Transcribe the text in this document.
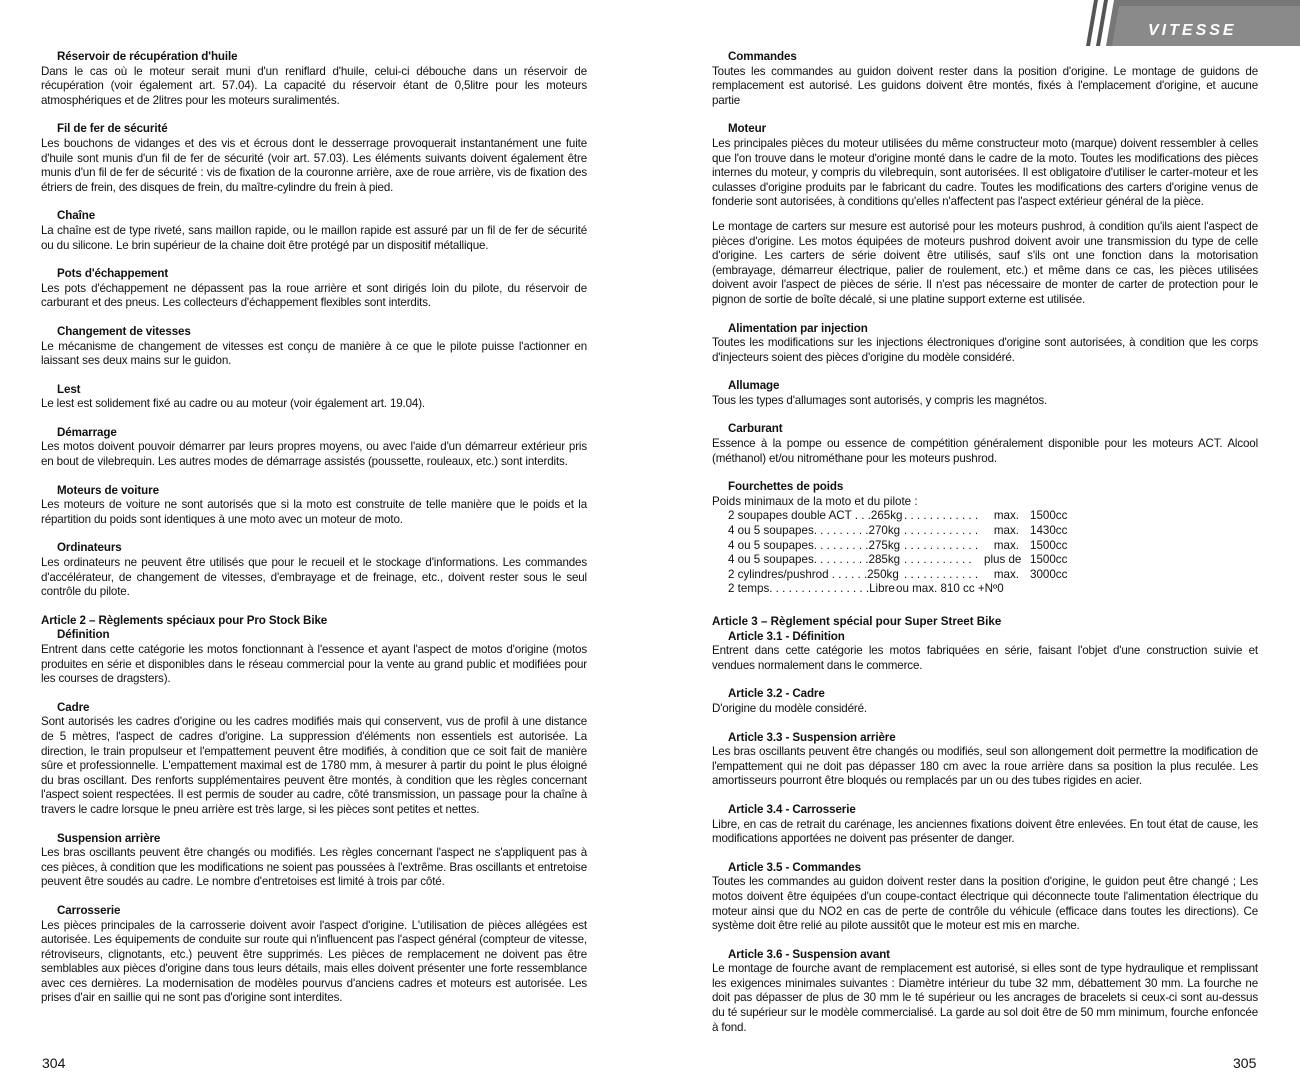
VITESSE
Réservoir de récupération d'huile
Dans le cas où le moteur serait muni d'un reniflard d'huile, celui-ci débouche dans un réservoir de récupération (voir également art. 57.04). La capacité du réservoir étant de 0,5litre pour les moteurs atmosphériques et de 2litres pour les moteurs suralimentés.
Fil de fer de sécurité
Les bouchons de vidanges et des vis et écrous dont le desserrage provoquerait instantanément une fuite d'huile sont munis d'un fil de fer de sécurité (voir art. 57.03). Les éléments suivants doivent également être munis d'un fil de fer de sécurité : vis de fixation de la couronne arrière, axe de roue arrière, vis de fixation des étriers de frein, des disques de frein, du maître-cylindre du frein à pied.
Chaîne
La chaîne est de type riveté, sans maillon rapide, ou le maillon rapide est assuré par un fil de fer de sécurité ou du silicone. Le brin supérieur de la chaine doit être protégé par un dispositif métallique.
Pots d'échappement
Les pots d'échappement ne dépassent pas la roue arrière et sont dirigés loin du pilote, du réservoir de carburant et des pneus. Les collecteurs d'échappement flexibles sont interdits.
Changement de vitesses
Le mécanisme de changement de vitesses est conçu de manière à ce que le pilote puisse l'actionner en laissant ses deux mains sur le guidon.
Lest
Le lest est solidement fixé au cadre ou au moteur (voir également art. 19.04).
Démarrage
Les motos doivent pouvoir démarrer par leurs propres moyens, ou avec l'aide d'un démarreur extérieur pris en bout de vilebrequin. Les autres modes de démarrage assistés (poussette, rouleaux, etc.) sont interdits.
Moteurs de voiture
Les moteurs de voiture ne sont autorisés que si la moto est construite de telle manière que le poids et la répartition du poids sont identiques à une moto avec un moteur de moto.
Ordinateurs
Les ordinateurs ne peuvent être utilisés que pour le recueil et le stockage d'informations. Les commandes d'accélérateur, de changement de vitesses, d'embrayage et de freinage, etc., doivent rester sous le seul contrôle du pilote.
Article 2 – Règlements spéciaux pour Pro Stock Bike
Définition
Entrent dans cette catégorie les motos fonctionnant à l'essence et ayant l'aspect de motos d'origine (motos produites en série et disponibles dans le réseau commercial pour la vente au grand public et modifiées pour les courses de dragsters).
Cadre
Sont autorisés les cadres d'origine ou les cadres modifiés mais qui conservent, vus de profil à une distance de 5 mètres, l'aspect de cadres d'origine. La suppression d'éléments non essentiels est autorisée. La direction, le train propulseur et l'empattement peuvent être modifiés, à condition que ce soit fait de manière sûre et professionnelle. L'empattement maximal est de 1780 mm, à mesurer à partir du point le plus éloigné du bras oscillant. Des renforts supplémentaires peuvent être montés, à condition que les règles concernant l'aspect soient respectées. Il est permis de souder au cadre, côté transmission, un passage pour la chaîne à travers le cadre lorsque le pneu arrière est très large, si les pièces sont petites et nettes.
Suspension arrière
Les bras oscillants peuvent être changés ou modifiés. Les règles concernant l'aspect ne s'appliquent pas à ces pièces, à condition que les modifications ne soient pas poussées à l'extrême. Bras oscillants et entretoise peuvent être soudés au cadre. Le nombre d'entretoises est limité à trois par côté.
Carrosserie
Les pièces principales de la carrosserie doivent avoir l'aspect d'origine. L'utilisation de pièces allégées est autorisée. Les équipements de conduite sur route qui n'influencent pas l'aspect général (compteur de vitesse, rétroviseurs, clignotants, etc.) peuvent être supprimés. Les pièces de remplacement ne doivent pas être semblables aux pièces d'origine dans tous leurs détails, mais elles doivent présenter une forte ressemblance avec ces dernières. La modernisation de modèles pourvus d'anciens cadres et moteurs est autorisée. Les prises d'air en saillie qui ne sont pas d'origine sont interdites.
Commandes
Toutes les commandes au guidon doivent rester dans la position d'origine. Le montage de guidons de remplacement est autorisé. Les guidons doivent être montés, fixés à l'emplacement d'origine, et aucune partie
Moteur
Les principales pièces du moteur utilisées du même constructeur moto (marque) doivent ressembler à celles que l'on trouve dans le moteur d'origine monté dans le cadre de la moto. Toutes les modifications des pièces internes du moteur, y compris du vilebrequin, sont autorisées. Il est obligatoire d'utiliser le carter-moteur et les culasses d'origine produits par le fabricant du cadre. Toutes les modifications des carters d'origine venus de fonderie sont autorisées, à conditions qu'elles n'affectent pas l'aspect extérieur général de la pièce.
Le montage de carters sur mesure est autorisé pour les moteurs pushrod, à condition qu'ils aient l'aspect de pièces d'origine. Les motos équipées de moteurs pushrod doivent avoir une transmission du type de celle d'origine. Les carters de série doivent être utilisés, sauf s'ils ont une fonction dans la motorisation (embrayage, démarreur électrique, palier de roulement, etc.) et même dans ce cas, les pièces utilisées doivent avoir l'aspect de pièces de série. Il n'est pas nécessaire de monter de carter de protection pour le pignon de sortie de boîte décalé, si une platine support externe est utilisée.
Alimentation par injection
Toutes les modifications sur les injections électroniques d'origine sont autorisées, à condition que les corps d'injecteurs soient des pièces d'origine du modèle considéré.
Allumage
Tous les types d'allumages sont autorisés, y compris les magnétos.
Carburant
Essence à la pompe ou essence de compétition généralement disponible pour les moteurs ACT. Alcool (méthanol) et/ou nitrométhane pour les moteurs pushrod.
Fourchettes de poids
Poids minimaux de la moto et du pilote :
2 soupapes double ACT . . .265kg . . . . . . . . . . . .	max. 1500cc
4 ou 5 soupapes. . . . . . . . .270kg . . . . . . . . . . . .	max. 1430cc
4 ou 5 soupapes. . . . . . . . .275kg . . . . . . . . . . . .	max. 1500cc
4 ou 5 soupapes. . . . . . . . .285kg . . . . . . . . . . .	plus de 1500cc
2 cylindres/pushrod . . . . . .250kg . . . . . . . . . . . .	max. 3000cc
2 temps. . . . . . . . . . . . . . . .Libre ou max. 810 cc +Nº0
Article 3 – Règlement spécial pour Super Street Bike
Article 3.1 - Définition
Entrent dans cette catégorie les motos fabriquées en série, faisant l'objet d'une construction suivie et vendues normalement dans le commerce.
Article 3.2 - Cadre
D'origine du modèle considéré.
Article 3.3 - Suspension arrière
Les bras oscillants peuvent être changés ou modifiés, seul son allongement doit permettre la modification de l'empattement qui ne doit pas dépasser 180 cm avec la roue arrière dans sa position la plus reculée. Les amortisseurs pourront être bloqués ou remplacés par un ou des tubes rigides en acier.
Article 3.4 - Carrosserie
Libre, en cas de retrait du carénage, les anciennes fixations doivent être enlevées. En tout état de cause, les modifications apportées ne doivent pas présenter de danger.
Article 3.5 - Commandes
Toutes les commandes au guidon doivent rester dans la position d'origine, le guidon peut être changé ; Les motos doivent être équipées d'un coupe-contact électrique qui déconnecte toute l'alimentation électrique du moteur ainsi que du NO2 en cas de perte de contrôle du véhicule (efficace dans toutes les directions). Ce système doit être relié au pilote aussitôt que le moteur est mis en marche.
Article 3.6 - Suspension avant
Le montage de fourche avant de remplacement est autorisé, si elles sont de type hydraulique et remplissant les exigences minimales suivantes : Diamètre intérieur du tube 32 mm, débattement 30 mm. La fourche ne doit pas dépasser de plus de 30 mm le té supérieur ou les ancrages de bracelets si ceux-ci sont au-dessus du té supérieur sur le modèle commercialisé. La garde au sol doit être de 50 mm minimum, fourche enfoncée à fond.
304	305
